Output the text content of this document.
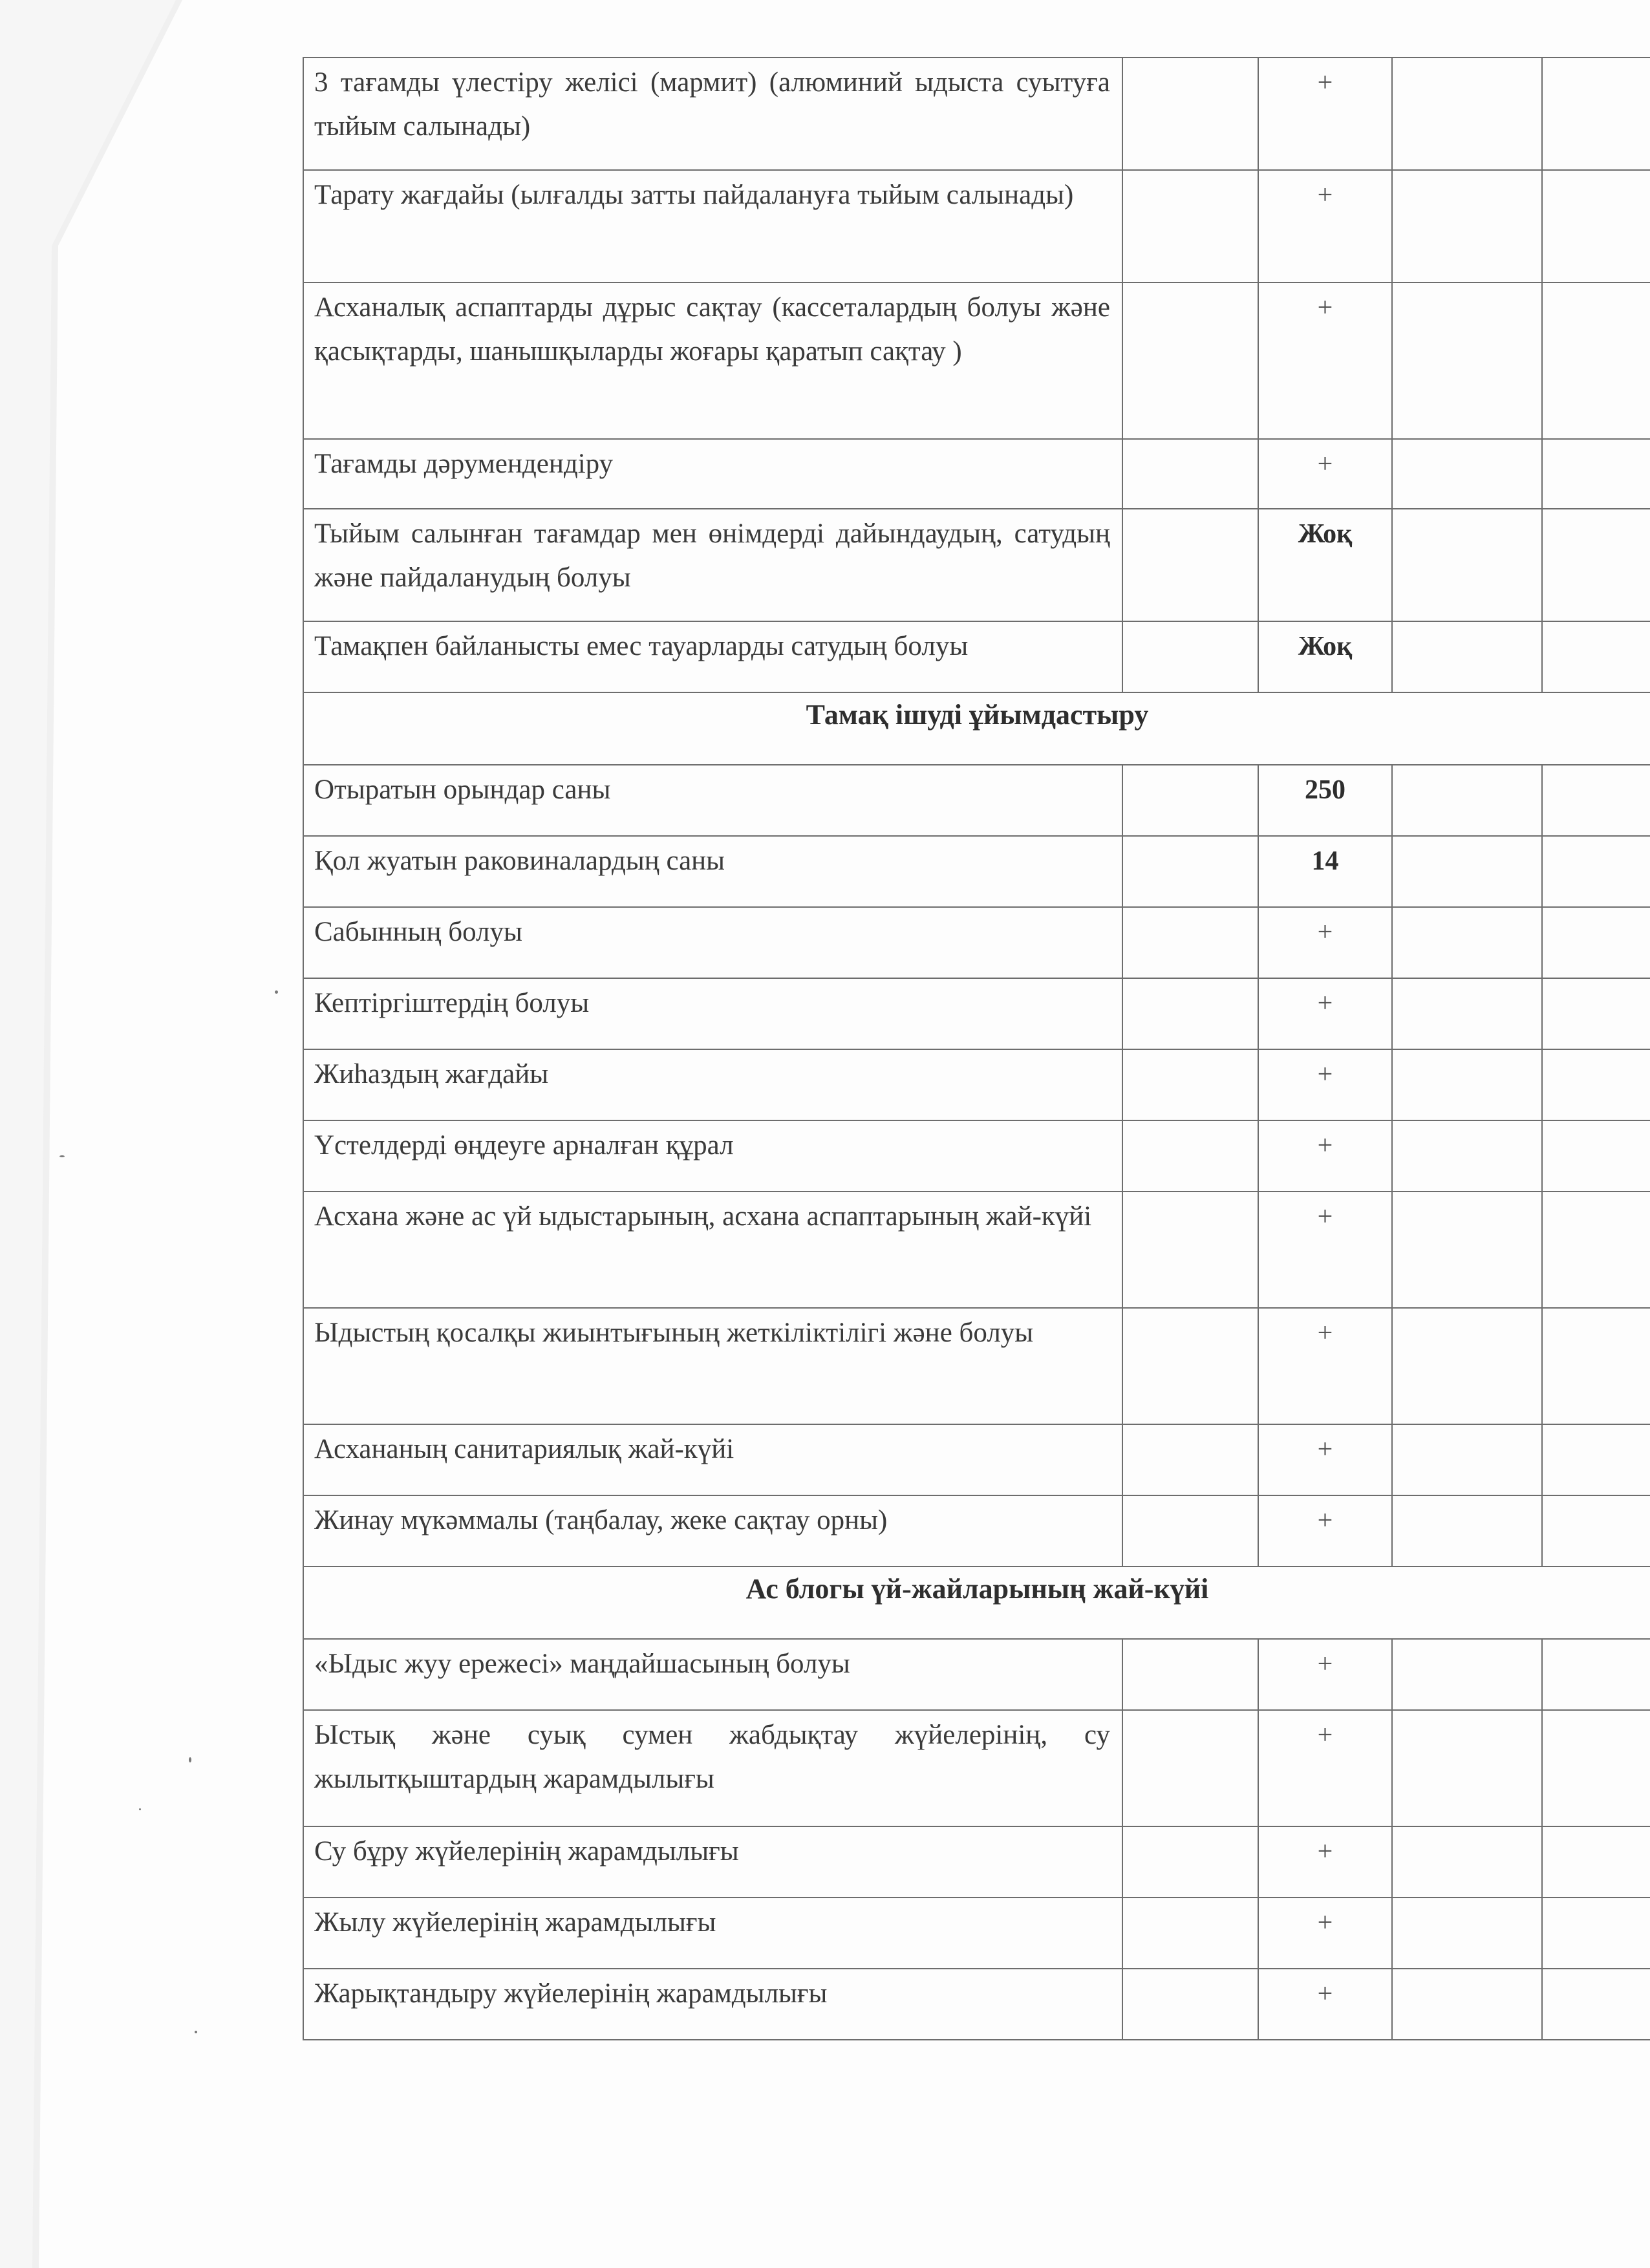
3 тағамды үлестіру желісі (мармит) (алюминий ыдыста суытуға тыйым салынады)		+		

Тарату жағдайы (ылғалды затты пайдалануға тыйым салынады)		+		

Асханалық аспаптарды дұрыс сақтау (кассеталардың болуы және қасықтарды, шанышқыларды жоғары қаратып сақтау )		+		

Тағамды дәрумендендіру		+		

Тыйым салынған тағамдар мен өнімдерді дайындаудың, сатудың және пайдаланудың болуы		Жоқ		

Тамақпен байланысты емес тауарларды сатудың болуы		Жоқ		

Тамақ ішуді ұйымдастыру				

Отыратын орындар саны		250		

Қол жуатын раковиналардың саны		14		

Сабынның болуы		+		

Кептіргіштердің болуы		+		

Жиһаздың жағдайы		+		

Үстелдерді өңдеуге арналған құрал		+		

Асхана және ас үй ыдыстарының, асхана аспаптарының жай-күйі		+		

Ыдыстың қосалқы жиынтығының жеткіліктілігі және болуы		+		

Асхананың санитариялық жай-күйі		+		

Жинау мүкәммалы (таңбалау, жеке сақтау орны)		+		

Ас блогы үй-жайларының жай-күйі				

«Ыдыс жуу ережесі» маңдайшасының болуы		+		

Ыстық және суық сумен жабдықтау жүйелерінің, су жылытқыштардың жарамдылығы		+		

Су бұру жүйелерінің жарамдылығы		+		

Жылу жүйелерінің жарамдылығы		+		

Жарықтандыру жүйелерінің жарамдылығы		+		
